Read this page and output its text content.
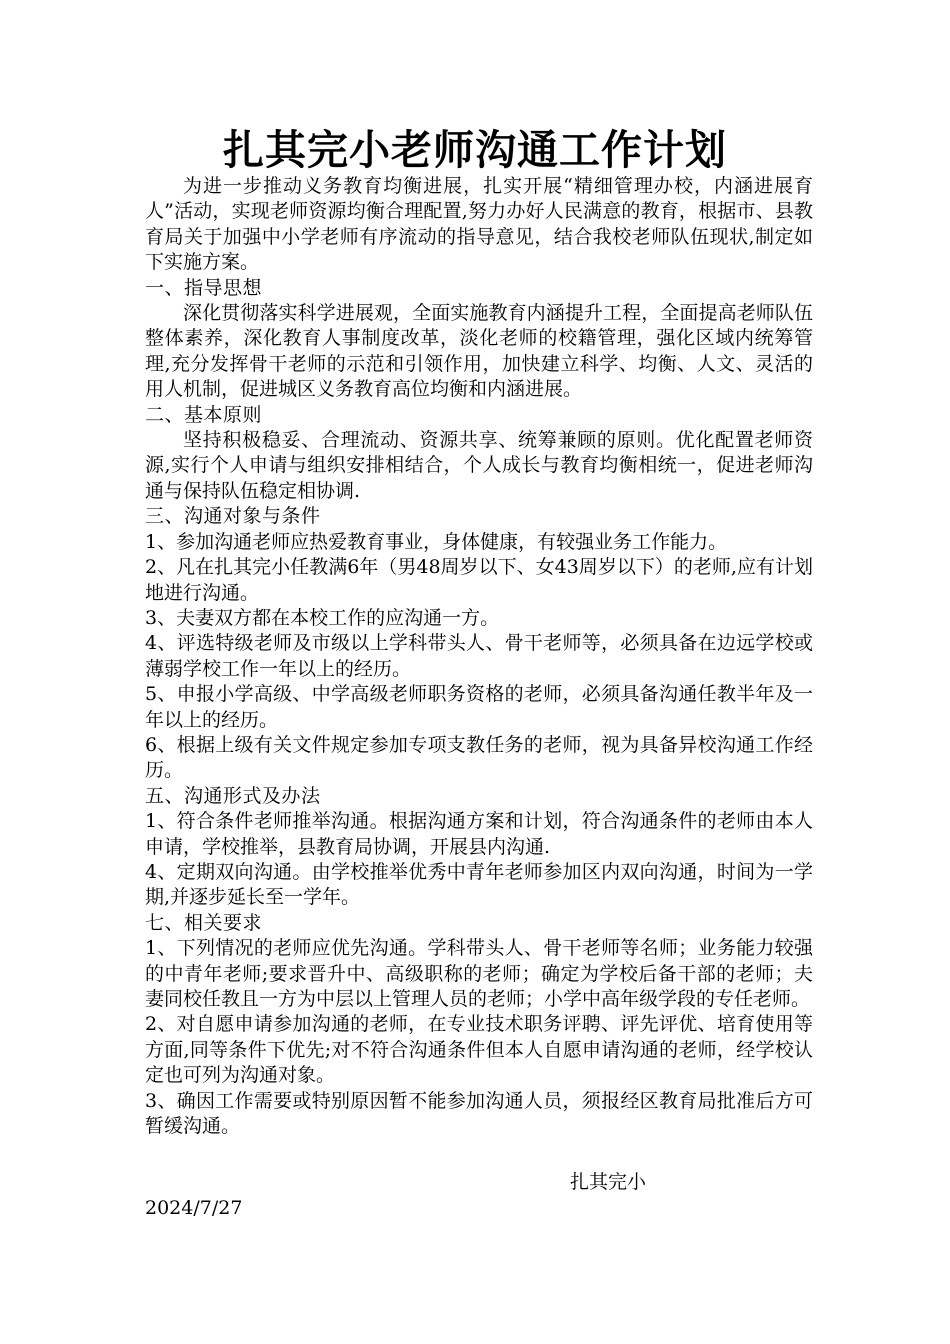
扎其完小老师沟通工作计划

为进一步推动义务教育均衡进展，扎实开展“精细管理办校，内涵进展育人”活动，实现老师资源均衡合理配置,努力办好人民满意的教育，根据市、县教育局关于加强中小学老师有序流动的指导意见，结合我校老师队伍现状,制定如下实施方案。

一、指导思想

深化贯彻落实科学进展观，全面实施教育内涵提升工程，全面提高老师队伍整体素养，深化教育人事制度改革，淡化老师的校籍管理，强化区域内统筹管理,充分发挥骨干老师的示范和引领作用，加快建立科学、均衡、人文、灵活的用人机制，促进城区义务教育高位均衡和内涵进展。

二、基本原则

坚持积极稳妥、合理流动、资源共享、统筹兼顾的原则。优化配置老师资源,实行个人申请与组织安排相结合，个人成长与教育均衡相统一，促进老师沟通与保持队伍稳定相协调.

三、沟通对象与条件

1、参加沟通老师应热爱教育事业，身体健康，有较强业务工作能力。

2、凡在扎其完小任教满6年（男48周岁以下、女43周岁以下）的老师,应有计划地进行沟通。

3、夫妻双方都在本校工作的应沟通一方。

4、评选特级老师及市级以上学科带头人、骨干老师等，必须具备在边远学校或薄弱学校工作一年以上的经历。

5、申报小学高级、中学高级老师职务资格的老师，必须具备沟通任教半年及一年以上的经历。

6、根据上级有关文件规定参加专项支教任务的老师，视为具备异校沟通工作经历。

五、沟通形式及办法

1、符合条件老师推举沟通。根据沟通方案和计划，符合沟通条件的老师由本人申请，学校推举，县教育局协调，开展县内沟通.

4、定期双向沟通。由学校推举优秀中青年老师参加区内双向沟通，时间为一学期,并逐步延长至一学年。

七、相关要求

1、下列情况的老师应优先沟通。学科带头人、骨干老师等名师；业务能力较强的中青年老师;要求晋升中、高级职称的老师；确定为学校后备干部的老师；夫妻同校任教且一方为中层以上管理人员的老师；小学中高年级学段的专任老师。

2、对自愿申请参加沟通的老师，在专业技术职务评聘、评先评优、培育使用等方面,同等条件下优先;对不符合沟通条件但本人自愿申请沟通的老师，经学校认定也可列为沟通对象。

3、确因工作需要或特别原因暂不能参加沟通人员，须报经区教育局批准后方可暂缓沟通。

扎其完小
2024/7/27
